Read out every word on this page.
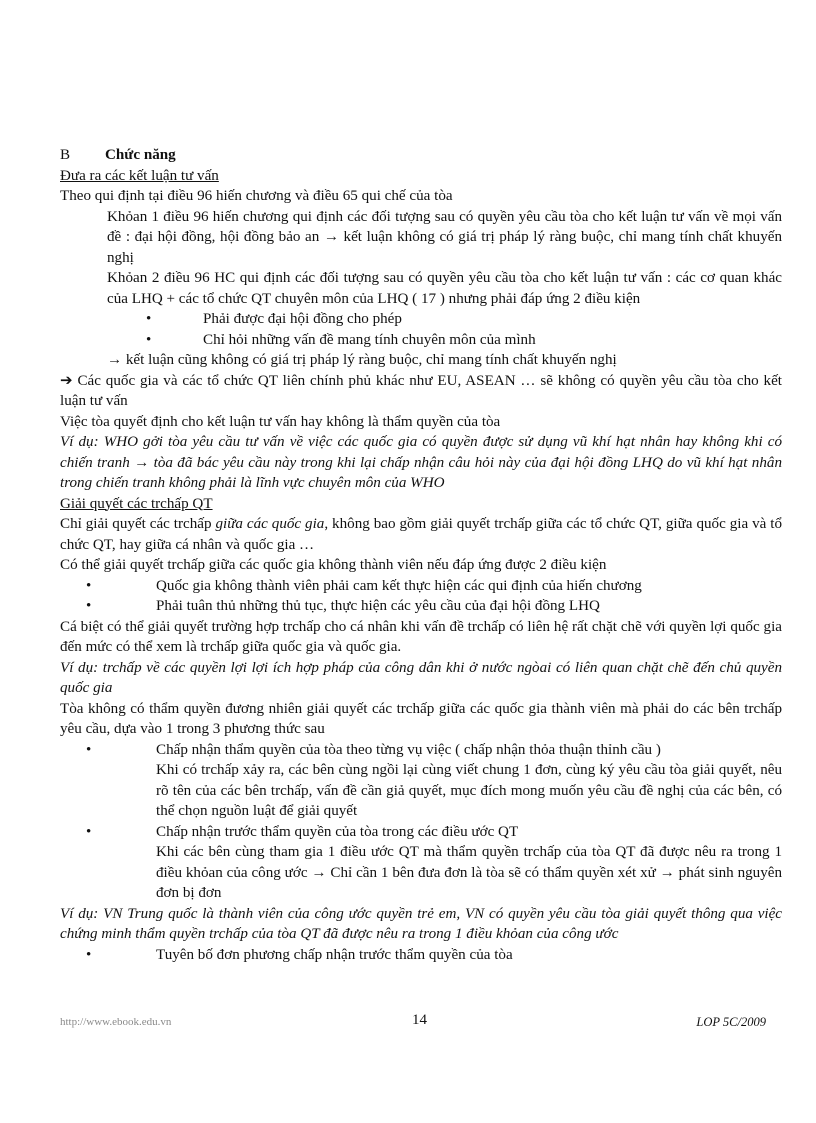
B Chức năng

Đưa ra các kết luận tư vấn

Theo qui định tại điều 96 hiến chương và điều 65 qui chế của tòa

Khỏan 1 điều 96 hiến chương qui định các đối tượng sau có quyền yêu cầu tòa cho kết luận tư vấn về mọi vấn đề : đại hội đồng, hội đồng bảo an → kết luận không có giá trị pháp lý ràng buộc, chỉ mang tính chất khuyến nghị

Khỏan 2 điều 96 HC qui định các đối tượng sau có quyền yêu cầu tòa cho kết luận tư vấn : các cơ quan khác của LHQ + các tổ chức QT chuyên môn của LHQ ( 17 ) nhưng phải đáp ứng 2 điều kiện

•	Phải được đại hội đồng cho phép

•	Chỉ hỏi những vấn đề mang tính chuyên môn của mình

→ kết luận cũng không có giá trị pháp lý ràng buộc, chỉ mang tính chất khuyến nghị

➔ Các quốc gia và các tổ chức QT liên chính phủ khác như EU, ASEAN … sẽ không có quyền yêu cầu tòa cho kết luận tư vấn

Việc tòa quyết định cho kết luận tư vấn hay không là thẩm quyền của tòa

Ví dụ: WHO gởi tòa yêu cầu tư vấn về việc các quốc gia có quyền được sử dụng vũ khí hạt nhân hay không khi có chiến tranh → tòa đã bác yêu cầu này trong khi lại chấp nhận câu hỏi này của đại hội đồng LHQ do vũ khí hạt nhân trong chiến tranh không phải là lĩnh vực chuyên môn của WHO

Giải quyết các trchấp QT

Chỉ giải quyết các trchấp giữa các quốc gia, không bao gồm giải quyết trchấp giữa các tổ chức QT, giữa quốc gia và tổ chức QT, hay giữa cá nhân và quốc gia …

Có thể giải quyết trchấp giữa các quốc gia không thành viên nếu đáp ứng được 2 điều kiện

•	Quốc gia không thành viên phải cam kết thực hiện các qui định của hiến chương

•	Phải tuân thủ những thủ tục, thực hiện các yêu cầu của đại hội đồng LHQ

Cá biệt có thể giải quyết trường hợp trchấp cho cá nhân khi vấn đề trchấp có liên hệ rất chặt chẽ với quyền lợi quốc gia đến mức có thể xem là trchấp giữa quốc gia và quốc gia.

Ví dụ: trchấp về các quyền lợi lợi ích hợp pháp của công dân khi ở nước ngòai có liên quan chặt chẽ đến chủ quyền quốc gia

Tòa không có thẩm quyền đương nhiên giải quyết các trchấp giữa các quốc gia thành viên mà phải do các bên trchấp yêu cầu, dựa vào 1 trong 3 phương thức sau

•	Chấp nhận thẩm quyền của tòa theo từng vụ việc ( chấp nhận thỏa thuận thỉnh cầu )

Khi có trchấp xảy ra, các bên cùng ngồi lại cùng viết chung 1 đơn, cùng ký yêu cầu tòa giải quyết, nêu rõ tên của các bên trchấp, vấn đề cần giả quyết, mục đích mong muốn yêu cầu đề nghị của các bên, có thể chọn nguồn luật để giải quyết

•	Chấp nhận trước thẩm quyền của tòa trong các điều ước QT

Khi các bên cùng tham gia 1 điều ước QT mà thẩm quyền trchấp của tòa QT đã được nêu ra trong 1 điều khỏan của công ước → Chỉ cần 1 bên đưa đơn là tòa sẽ có thẩm quyền xét xử → phát sinh nguyên đơn bị đơn

Ví dụ: VN Trung quốc là thành viên của công ước quyền trẻ em, VN có quyền yêu cầu tòa giải quyết thông qua việc chứng minh thẩm quyền trchấp của tòa QT đã được nêu ra trong 1 điều khỏan của công ước

•	Tuyên bố đơn phương chấp nhận trước thẩm quyền của tòa

http://www.ebook.edu.vn	14	LOP 5C/2009
